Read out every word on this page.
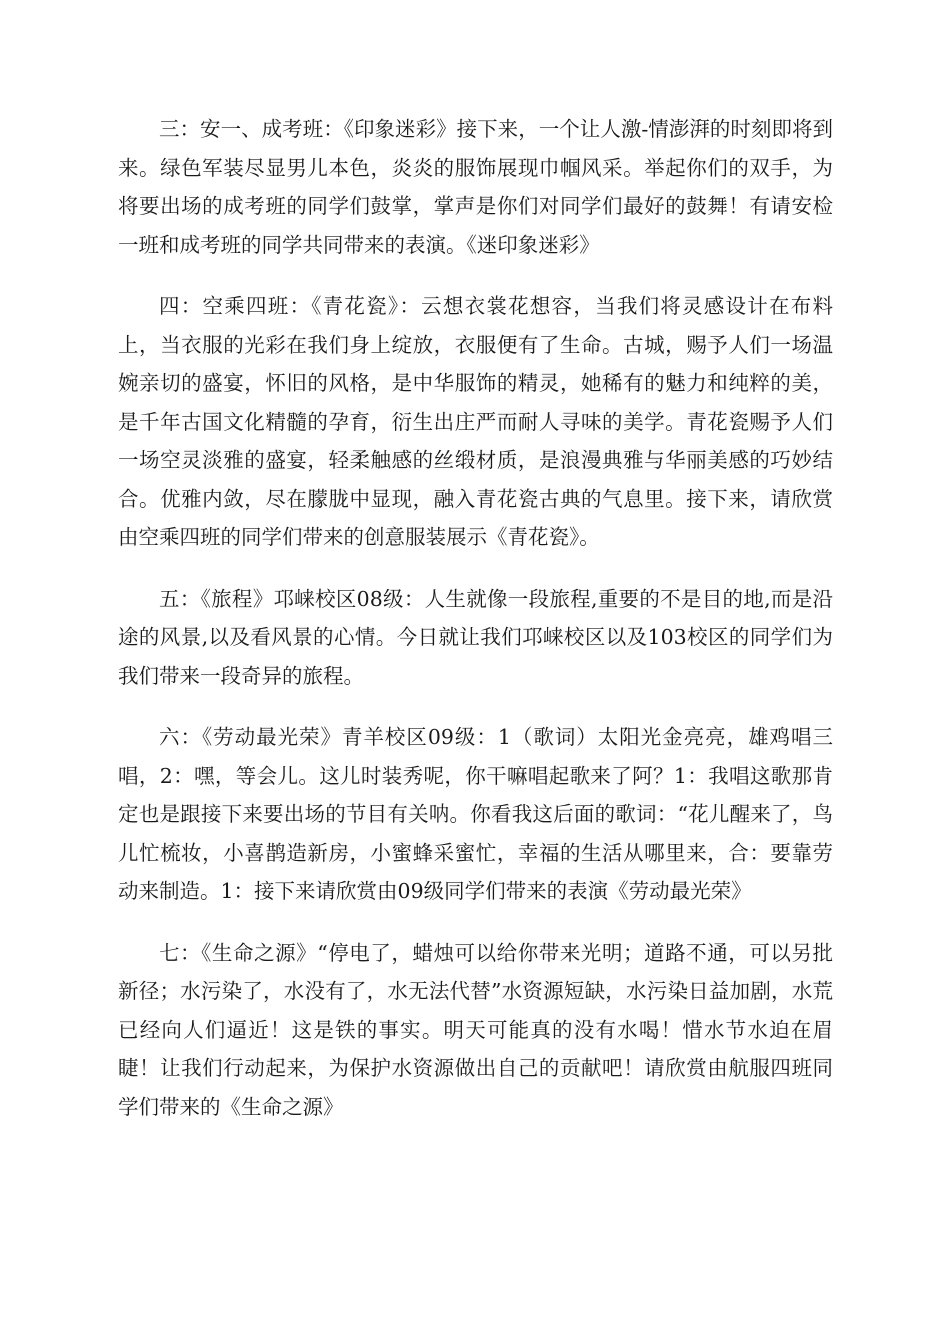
三：安一、成考班：《印象迷彩》接下来，一个让人激-情澎湃的时刻即将到来。绿色军装尽显男儿本色，炎炎的服饰展现巾帼风采。举起你们的双手，为将要出场的成考班的同学们鼓掌，掌声是你们对同学们最好的鼓舞！有请安检一班和成考班的同学共同带来的表演。《迷印象迷彩》

四：空乘四班：《青花瓷》：云想衣裳花想容，当我们将灵感设计在布料上，当衣服的光彩在我们身上绽放，衣服便有了生命。古城，赐予人们一场温婉亲切的盛宴，怀旧的风格，是中华服饰的精灵，她稀有的魅力和纯粹的美，是千年古国文化精髓的孕育，衍生出庄严而耐人寻味的美学。青花瓷赐予人们一场空灵淡雅的盛宴，轻柔触感的丝缎材质，是浪漫典雅与华丽美感的巧妙结合。优雅内敛，尽在朦胧中显现，融入青花瓷古典的气息里。接下来，请欣赏由空乘四班的同学们带来的创意服装展示《青花瓷》。

五：《旅程》邛崃校区08级：人生就像一段旅程,重要的不是目的地,而是沿途的风景,以及看风景的心情。今日就让我们邛崃校区以及103校区的同学们为我们带来一段奇异的旅程。

六：《劳动最光荣》青羊校区09级：1（歌词）太阳光金亮亮，雄鸡唱三唱，2：嘿，等会儿。这儿时装秀呢，你干嘛唱起歌来了阿？1：我唱这歌那肯定也是跟接下来要出场的节目有关呐。你看我这后面的歌词：“花儿醒来了，鸟儿忙梳妆，小喜鹊造新房，小蜜蜂采蜜忙，幸福的生活从哪里来，合：要靠劳动来制造。1：接下来请欣赏由09级同学们带来的表演《劳动最光荣》

七：《生命之源》“停电了，蜡烛可以给你带来光明；道路不通，可以另批新径；水污染了，水没有了，水无法代替”水资源短缺，水污染日益加剧，水荒已经向人们逼近！这是铁的事实。明天可能真的没有水喝！惜水节水迫在眉睫！让我们行动起来，为保护水资源做出自己的贡献吧！请欣赏由航服四班同学们带来的《生命之源》
